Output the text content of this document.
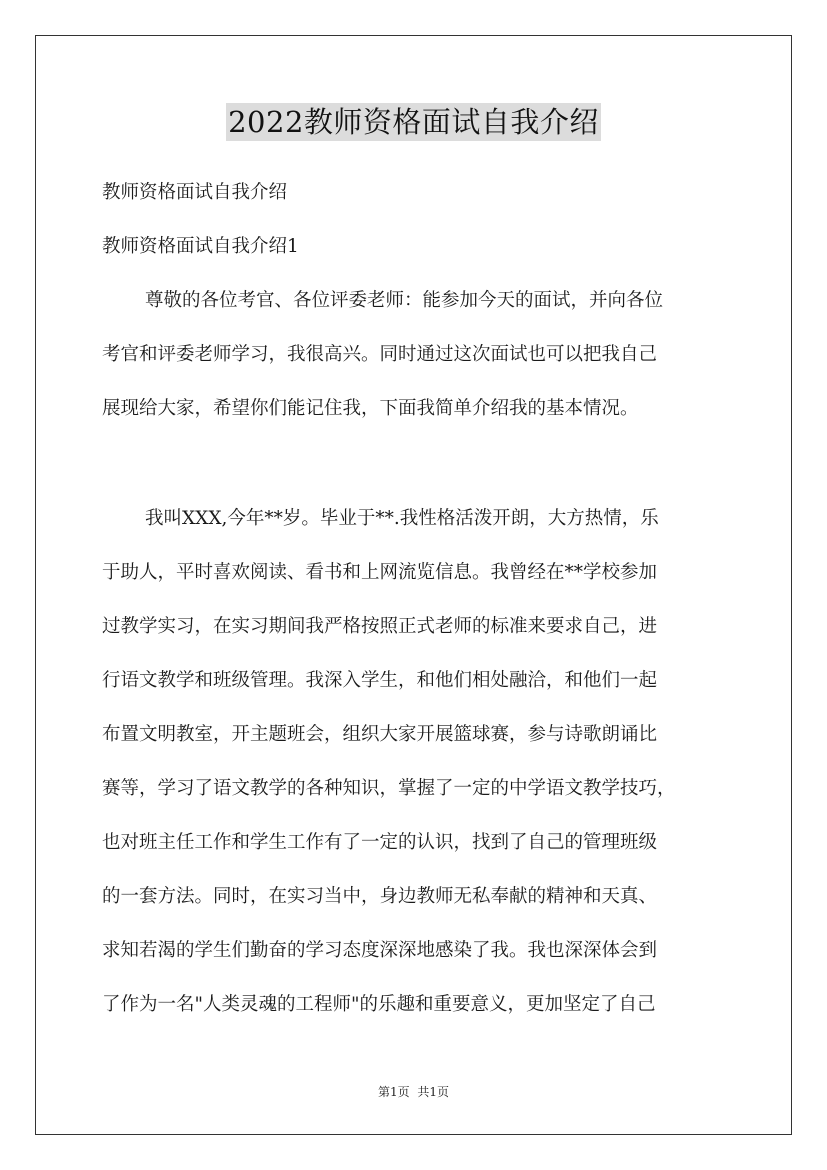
2022教师资格面试自我介绍
教师资格面试自我介绍
教师资格面试自我介绍1
尊敬的各位考官、各位评委老师：能参加今天的面试，并向各位
考官和评委老师学习，我很高兴。同时通过这次面试也可以把我自己
展现给大家，希望你们能记住我，下面我简单介绍我的基本情况。
我叫XXX,今年**岁。毕业于**.我性格活泼开朗，大方热情，乐
于助人，平时喜欢阅读、看书和上网流览信息。我曾经在**学校参加
过教学实习，在实习期间我严格按照正式老师的标准来要求自己，进
行语文教学和班级管理。我深入学生，和他们相处融洽，和他们一起
布置文明教室，开主题班会，组织大家开展篮球赛，参与诗歌朗诵比
赛等，学习了语文教学的各种知识，掌握了一定的中学语文教学技巧，
也对班主任工作和学生工作有了一定的认识，找到了自己的管理班级
的一套方法。同时，在实习当中，身边教师无私奉献的精神和天真、
求知若渴的学生们勤奋的学习态度深深地感染了我。我也深深体会到
了作为一名"人类灵魂的工程师"的乐趣和重要意义，更加坚定了自己
第1页 共1页
